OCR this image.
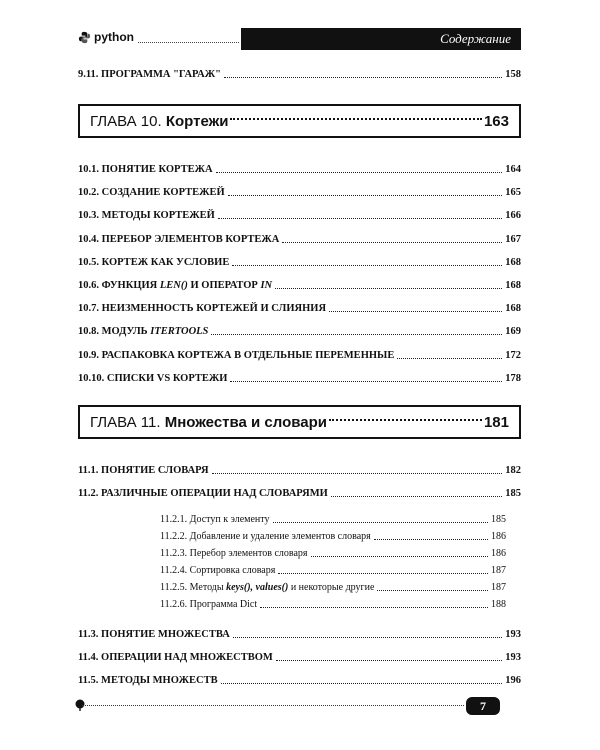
python	Содержание
9.11. ПРОГРАММА "ГАРАЖ"	158
ГЛАВА 10. Кортежи	163
10.1. ПОНЯТИЕ КОРТЕЖА	164
10.2. СОЗДАНИЕ КОРТЕЖЕЙ	165
10.3. МЕТОДЫ КОРТЕЖЕЙ	166
10.4. ПЕРЕБОР ЭЛЕМЕНТОВ КОРТЕЖА	167
10.5. КОРТЕЖ КАК УСЛОВИЕ	168
10.6. ФУНКЦИЯ LEN() И ОПЕРАТОР IN	168
10.7. НЕИЗМЕННОСТЬ КОРТЕЖЕЙ И СЛИЯНИЯ	168
10.8. МОДУЛЬ ITERTOOLS	169
10.9. РАСПАКОВКА КОРТЕЖА В ОТДЕЛЬНЫЕ ПЕРЕМЕННЫЕ	172
10.10. СПИСКИ VS КОРТЕЖИ	178
ГЛАВА 11. Множества и словари	181
11.1. ПОНЯТИЕ СЛОВАРЯ	182
11.2. РАЗЛИЧНЫЕ ОПЕРАЦИИ НАД СЛОВАРЯМИ	185
11.2.1. Доступ к элементу	185
11.2.2. Добавление и удаление элементов словаря	186
11.2.3. Перебор элементов словаря	186
11.2.4. Сортировка словаря	187
11.2.5. Методы keys(), values() и некоторые другие	187
11.2.6. Программа Dict	188
11.3. ПОНЯТИЕ МНОЖЕСТВА	193
11.4. ОПЕРАЦИИ НАД МНОЖЕСТВОМ	193
11.5. МЕТОДЫ МНОЖЕСТВ	196
7
